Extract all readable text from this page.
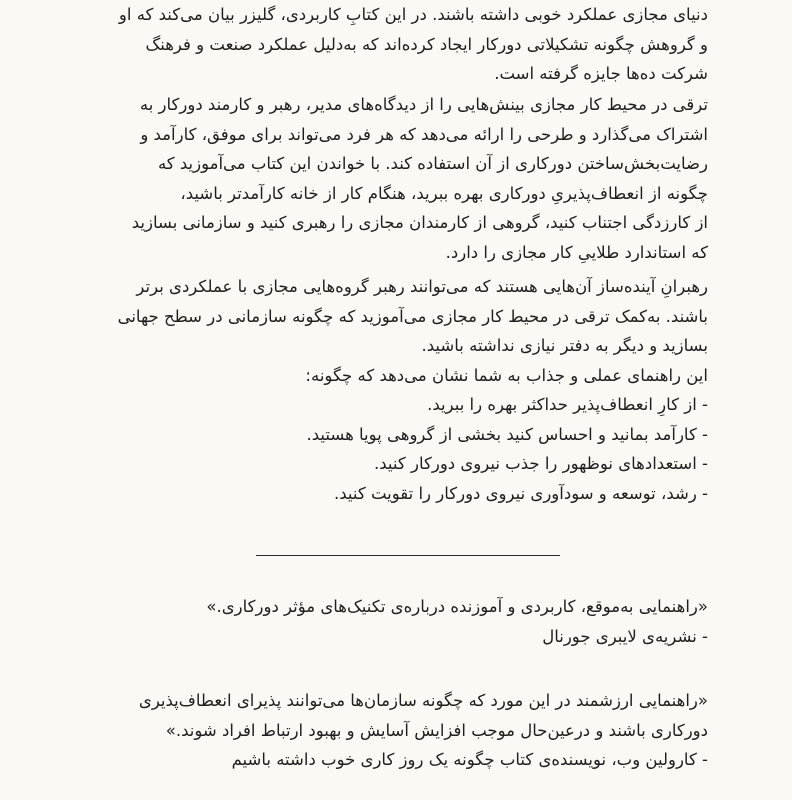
دنیای مجازی عملکرد خوبی داشته باشند. در این کتابِ کاربردی، گلیزر بیان می‌کند که او
و گروهش چگونه تشکیلاتی دورکار ایجاد کرده‌اند که به‌دلیل عملکرد صنعت و فرهنگ
شرکت ده‌ها جایزه گرفته است.
ترقی در محیط کار مجازی بینش‌هایی را از دیدگاه‌های مدیر، رهبر و کارمند دورکار به
اشتراک می‌گذارد و طرحی را ارائه می‌دهد که هر فرد می‌تواند برای موفق، کارآمد و
رضایت‌بخش‌ساختن دورکاری از آن استفاده کند. با خواندن این کتاب می‌آموزید که
چگونه از انعطاف‌پذیریِ دورکاری بهره ببرید، هنگام کار از خانه کارآمدتر باشید،
از کارزدگی اجتناب کنید، گروهی از کارمندان مجازی را رهبری کنید و سازمانی بسازید
که استاندارد طلاییِ کار مجازی را دارد.
رهبرانِ آینده‌ساز آن‌هایی هستند که می‌توانند رهبر گروه‌هایی مجازی با عملکردی برتر
باشند. به‌کمک ترقی در محیط کار مجازی می‌آموزید که چگونه سازمانی در سطح جهانی
بسازید و دیگر به دفتر نیازی نداشته باشید.
این راهنمای عملی و جذاب به شما نشان می‌دهد که چگونه:
- از کارِ انعطاف‌پذیر حداکثر بهره را ببرید.
- کارآمد بمانید و احساس کنید بخشی از گروهی پویا هستید.
- استعدادهای نوظهور را جذب نیروی دورکار کنید.
- رشد، توسعه و سودآوری نیروی دورکار را تقویت کنید.
«راهنمایی به‌موقع، کاربردی و آموزنده درباره‌ی تکنیک‌های مؤثر دورکاری.»
- نشریه‌ی لایبری جورنال
«راهنمایی ارزشمند در این مورد که چگونه سازمان‌ها می‌توانند پذیرای انعطاف‌پذیری
دورکاری باشند و درعین‌حال موجب افزایش آسایش و بهبود ارتباط افراد شوند.»
- کارولین وب، نویسنده‌ی کتاب چگونه یک روز کاری خوب داشته باشیم
